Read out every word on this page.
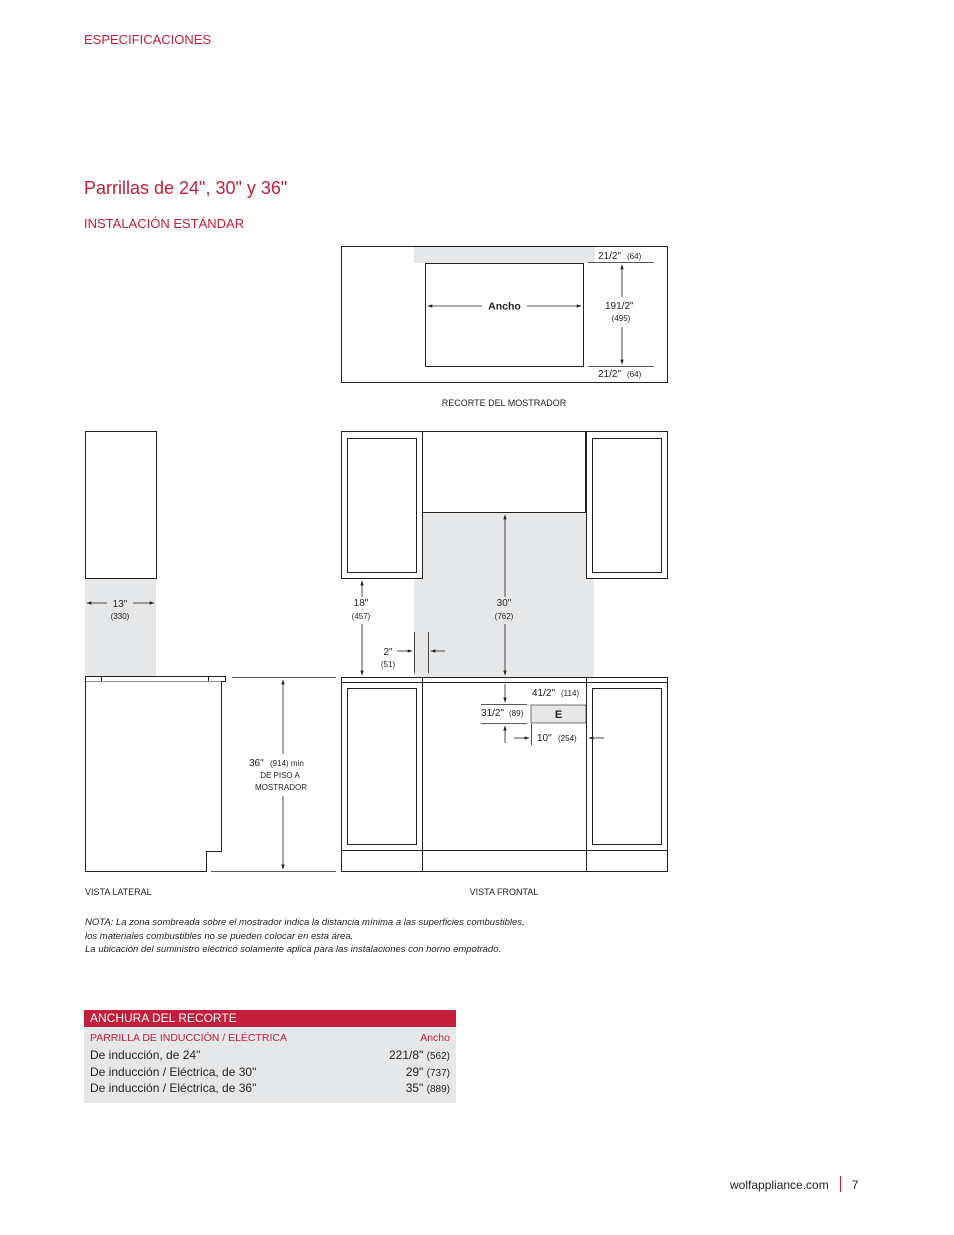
ESPECIFICACIONES
Parrillas de 24", 30" y 36"
INSTALACIÓN ESTÁNDAR
Ancho
21/2" (64)
191/2"
(495)
21/2" (64)
RECORTE DEL MOSTRADOR
13"
(330)
36" (914) min
DE PISO A
MOSTRADOR
VISTA LATERAL
E
18"
(457)
30"
(762)
2"
(51)
41/2" (114)
31/2" (89)
10" (254)
VISTA FRONTAL
NOTA: La zona sombreada sobre el mostrador indica la distancia mínima a las superficies combustibles,
los materiales combustibles no se pueden colocar en esta área.
La ubicación del suministro eléctrico solamente aplica para las instalaciones con horno empotrado.
ANCHURA DEL RECORTE
PARRILLA DE INDUCCIÓN / ELÉCTRICA	Ancho
De inducción, de 24"	221/8" (562)
De inducción / Eléctrica, de 30"	29" (737)
De inducción / Eléctrica, de 36"	35" (889)
wolfappliance.com 7
